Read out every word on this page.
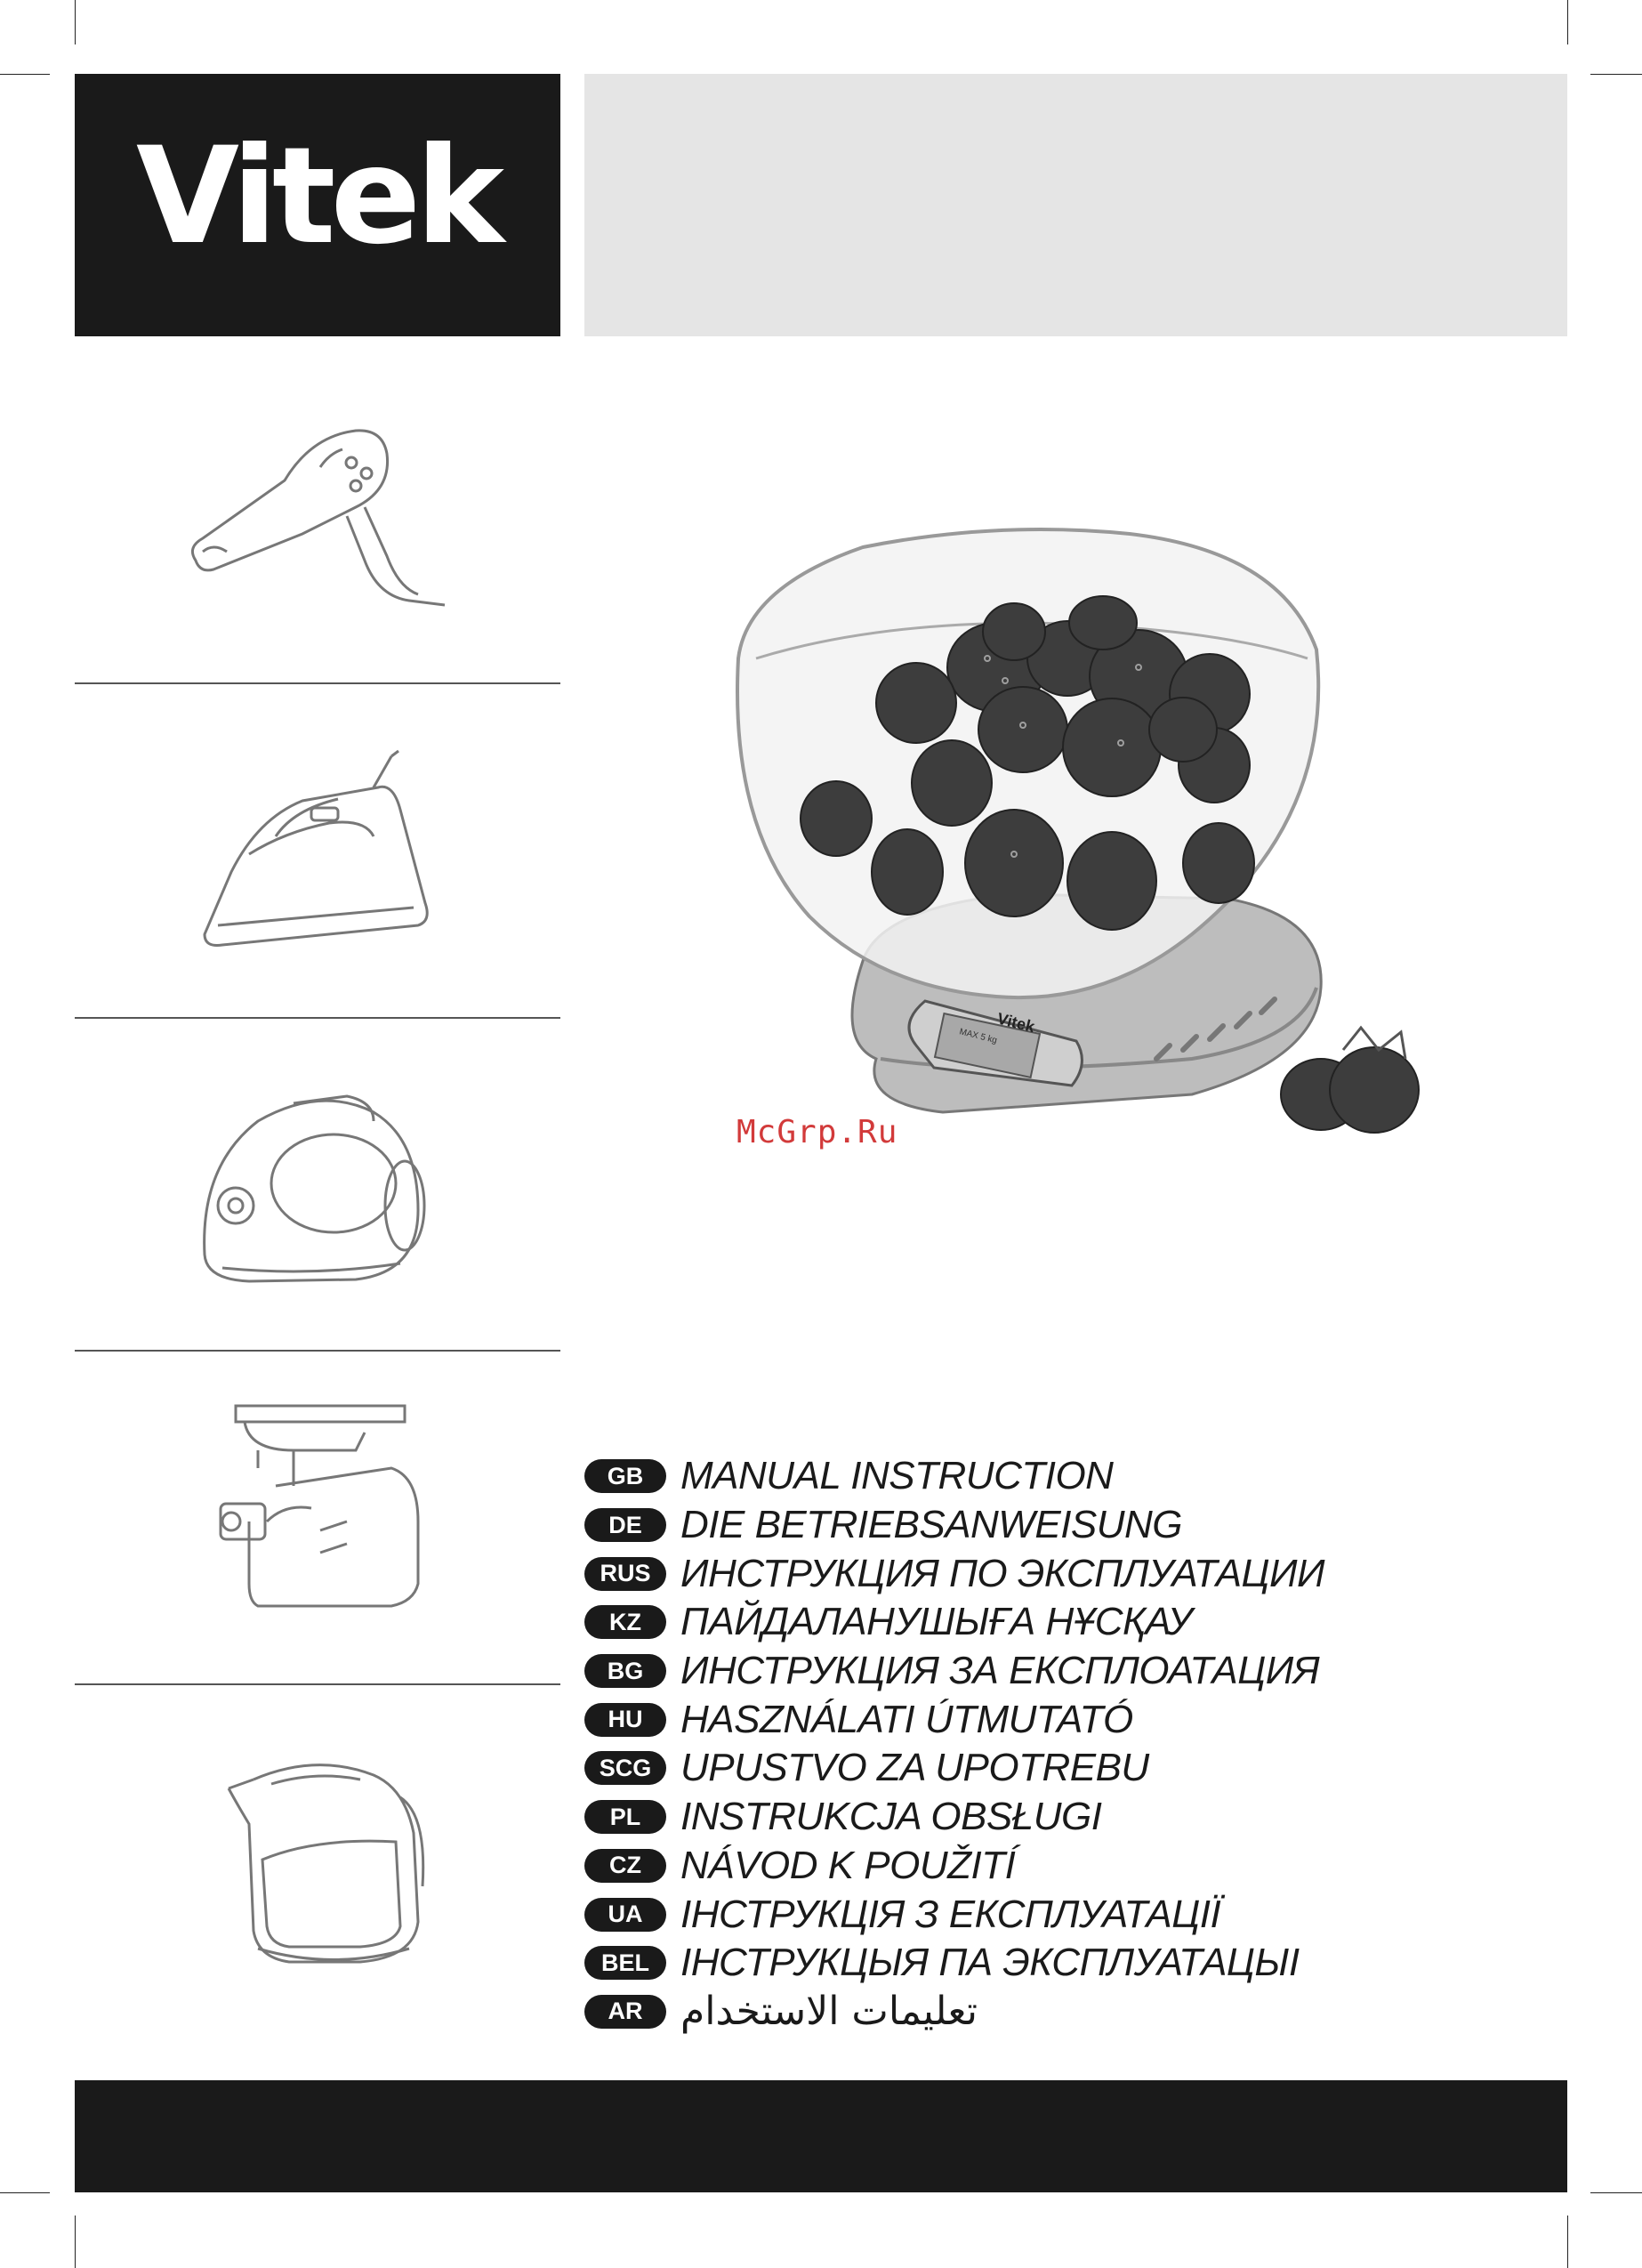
Vitek
Vitek
MAX 5 kg
McGrp.Ru
GB MANUAL INSTRUCTION
DE DIE BETRIEBSANWEISUNG
RUS ИНСТРУКЦИЯ ПО ЭКСПЛУАТАЦИИ
KZ	ПАЙДАЛАНУШЫҒА НҰСҚАУ
BG ИНСТРУКЦИЯ ЗА ЕКСПЛОАТАЦИЯ
HU HASZNÁLATI ÚTMUTATÓ
SCG UPUSTVO ZA UPOTREBU
PL	INSTRUKCJA OBSŁUGI
CZ	NÁVOD K POUŽITÍ
UA ІНСТРУКЦІЯ З ЕКСПЛУАТАЦІЇ
BEL ІНСТРУКЦЫЯ ПА ЭКСПЛУАТАЦЫІ
AR تعليمات الاستخدام
